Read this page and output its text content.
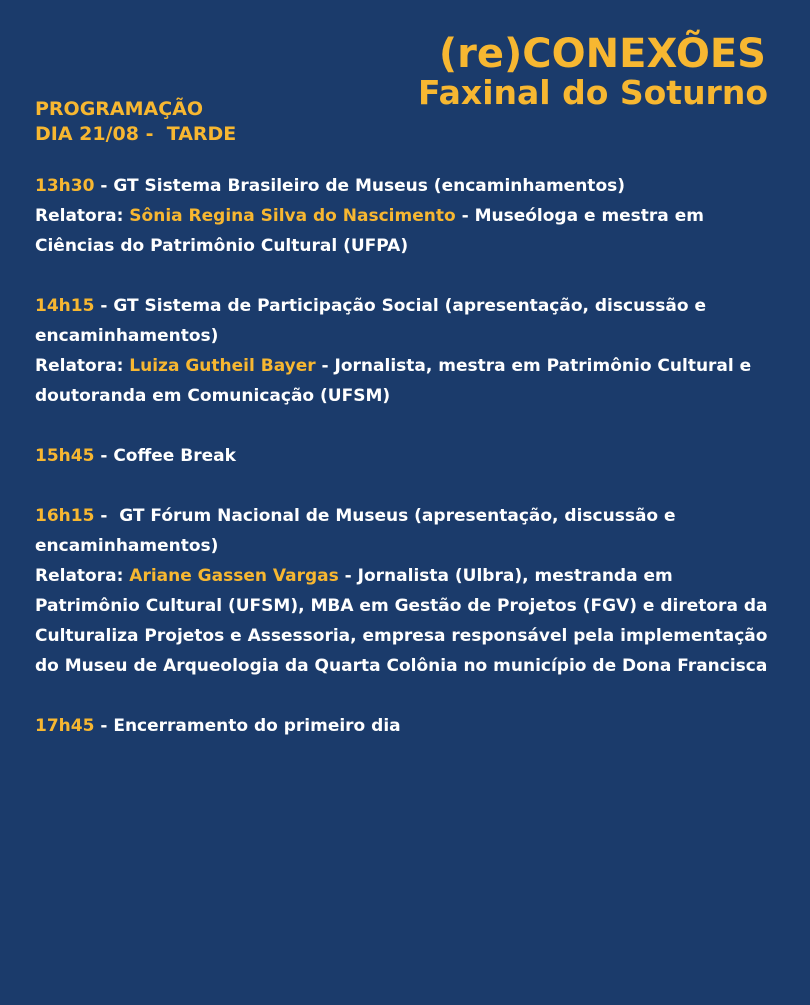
(re)CONEXÕES
Faxinal do Soturno
PROGRAMAÇÃO
DIA 21/08 -  TARDE
13h30 - GT Sistema Brasileiro de Museus (encaminhamentos)
Relatora: Sônia Regina Silva do Nascimento - Museóloga e mestra em Ciências do Patrimônio Cultural (UFPA)
14h15 - GT Sistema de Participação Social (apresentação, discussão e encaminhamentos)
Relatora: Luiza Gutheil Bayer - Jornalista, mestra em Patrimônio Cultural e doutoranda em Comunicação (UFSM)
15h45 - Coffee Break
16h15 -  GT Fórum Nacional de Museus (apresentação, discussão e encaminhamentos)
Relatora: Ariane Gassen Vargas - Jornalista (Ulbra), mestranda em Patrimônio Cultural (UFSM), MBA em Gestão de Projetos (FGV) e diretora da Culturaliza Projetos e Assessoria, empresa responsável pela implementação do Museu de Arqueologia da Quarta Colônia no município de Dona Francisca
17h45 - Encerramento do primeiro dia
